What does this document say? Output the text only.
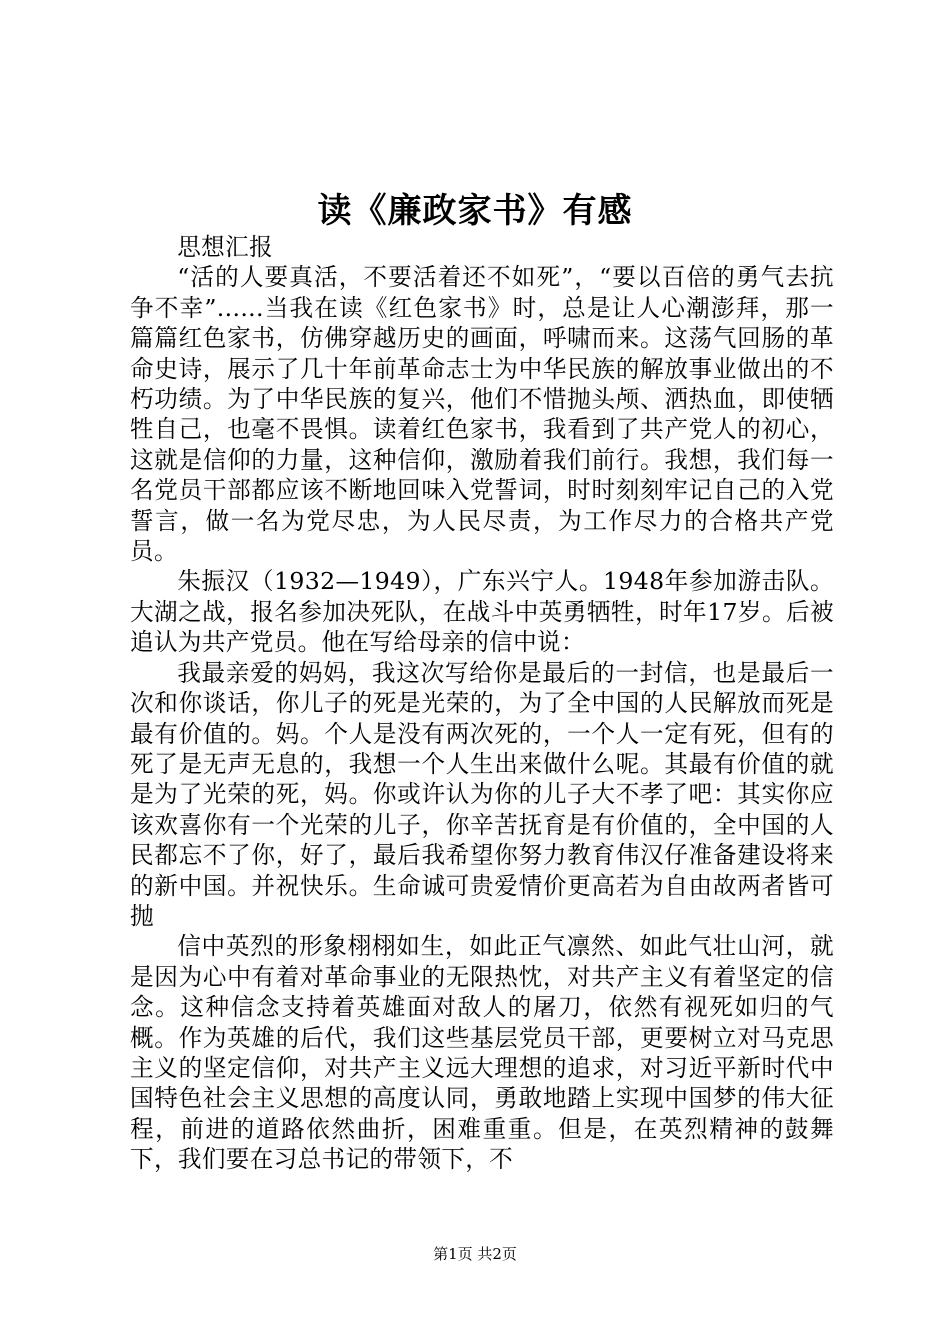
读《廉政家书》有感

思想汇报

“活的人要真活，不要活着还不如死”，“要以百倍的勇气去抗争不幸”......当我在读《红色家书》时，总是让人心潮澎拜，那一篇篇红色家书，仿佛穿越历史的画面，呼啸而来。这荡气回肠的革命史诗，展示了几十年前革命志士为中华民族的解放事业做出的不朽功绩。为了中华民族的复兴，他们不惜抛头颅、洒热血，即使牺牲自己，也毫不畏惧。读着红色家书，我看到了共产党人的初心，这就是信仰的力量，这种信仰，激励着我们前行。我想，我们每一名党员干部都应该不断地回味入党誓词，时时刻刻牢记自己的入党誓言，做一名为党尽忠，为人民尽责，为工作尽力的合格共产党员。

朱振汉（1932—1949），广东兴宁人。1948年参加游击队。大湖之战，报名参加决死队，在战斗中英勇牺牲，时年17岁。后被追认为共产党员。他在写给母亲的信中说：

我最亲爱的妈妈，我这次写给你是最后的一封信，也是最后一次和你谈话，你儿子的死是光荣的，为了全中国的人民解放而死是最有价值的。妈。个人是没有两次死的，一个人一定有死，但有的死了是无声无息的，我想一个人生出来做什么呢。其最有价值的就是为了光荣的死，妈。你或许认为你的儿子大不孝了吧：其实你应该欢喜你有一个光荣的儿子，你辛苦抚育是有价值的，全中国的人民都忘不了你，好了，最后我希望你努力教育伟汉仔准备建设将来的新中国。并祝快乐。生命诚可贵爱情价更高若为自由故两者皆可抛

信中英烈的形象栩栩如生，如此正气凛然、如此气壮山河，就是因为心中有着对革命事业的无限热忱，对共产主义有着坚定的信念。这种信念支持着英雄面对敌人的屠刀，依然有视死如归的气概。作为英雄的后代，我们这些基层党员干部，更要树立对马克思主义的坚定信仰，对共产主义远大理想的追求，对习近平新时代中国特色社会主义思想的高度认同，勇敢地踏上实现中国梦的伟大征程，前进的道路依然曲折，困难重重。但是，在英烈精神的鼓舞下，我们要在习总书记的带领下，不

第1页 共2页
